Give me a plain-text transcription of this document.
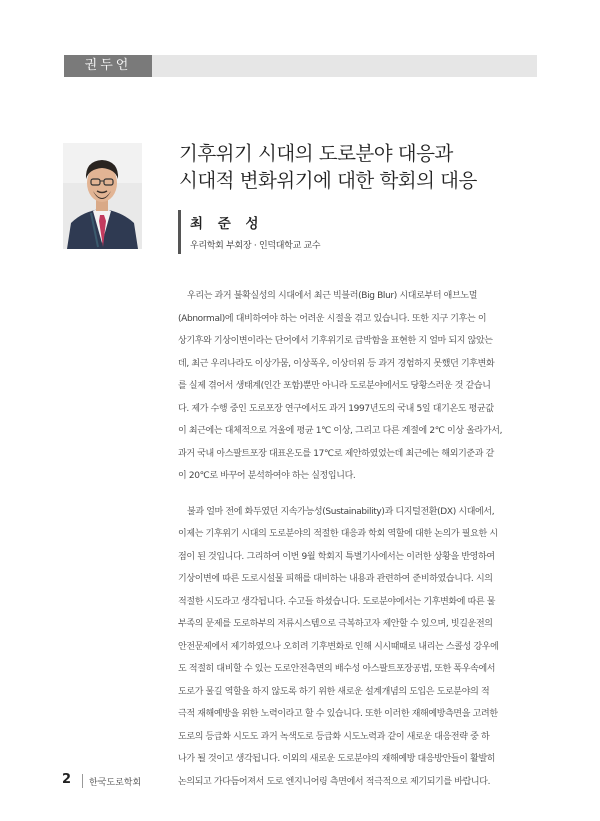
권두언
기후위기 시대의 도로분야 대응과
시대적 변화위기에 대한 학회의 대응
최 준 성
우리학회 부회장 · 인덕대학교 교수
우리는 과거 불확실성의 시대에서 최근 빅블러(Big Blur) 시대로부터 애브노멀
(Abnormal)에 대비하여야 하는 어려운 시절을 겪고 있습니다. 또한 지구 기후는 이
상기후와 기상이변이라는 단어에서 기후위기로 급박함을 표현한 지 얼마 되지 않았는
데, 최근 우리나라도 이상가뭄, 이상폭우, 이상더위 등 과거 경험하지 못했던 기후변화
를 실제 겪어서 생태계(인간 포함)뿐만 아니라 도로분야에서도 당황스러운 것 같습니
다. 제가 수행 중인 도로포장 연구에서도 과거 1997년도의 국내 5일 대기온도 평균값
이 최근에는 대체적으로 겨울에 평균 1℃ 이상, 그리고 다른 계절에 2℃ 이상 올라가서,
과거 국내 아스팔트포장 대표온도를 17℃로 제안하였었는데 최근에는 해외기준과 같
이 20℃로 바꾸어 분석하여야 하는 실정입니다.
불과 얼마 전에 화두였던 지속가능성(Sustainability)과 디지털전환(DX) 시대에서,
이제는 기후위기 시대의 도로분야의 적절한 대응과 학회 역할에 대한 논의가 필요한 시
점이 된 것입니다. 그리하여 이번 9월 학회지 특별기사에서는 이러한 상황을 반영하여
기상이변에 따른 도로시설물 피해를 대비하는 내용과 관련하여 준비하였습니다. 시의
적절한 시도라고 생각됩니다. 수고들 하셨습니다. 도로분야에서는 기후변화에 따른 물
부족의 문제를 도로하부의 저류시스템으로 극복하고자 제안할 수 있으며, 빗길운전의
안전문제에서 제기하였으나 오히려 기후변화로 인해 시시때때로 내리는 스콜성 강우에
도 적절히 대비할 수 있는 도로안전측면의 배수성 아스팔트포장공법, 또한 폭우속에서
도로가 물길 역할을 하지 않도록 하기 위한 새로운 설계개념의 도입은 도로분야의 적
극적 재해예방을 위한 노력이라고 할 수 있습니다. 또한 이러한 재해예방측면을 고려한
도로의 등급화 시도도 과거 녹색도로 등급화 시도노력과 같이 새로운 대응전략 중 하
나가 될 것이고 생각됩니다. 이외의 새로운 도로분야의 재해예방 대응방안들이 활발히
논의되고 가다듬어져서 도로 엔지니어링 측면에서 적극적으로 제기되기를 바랍니다.
2 한국도로학회
